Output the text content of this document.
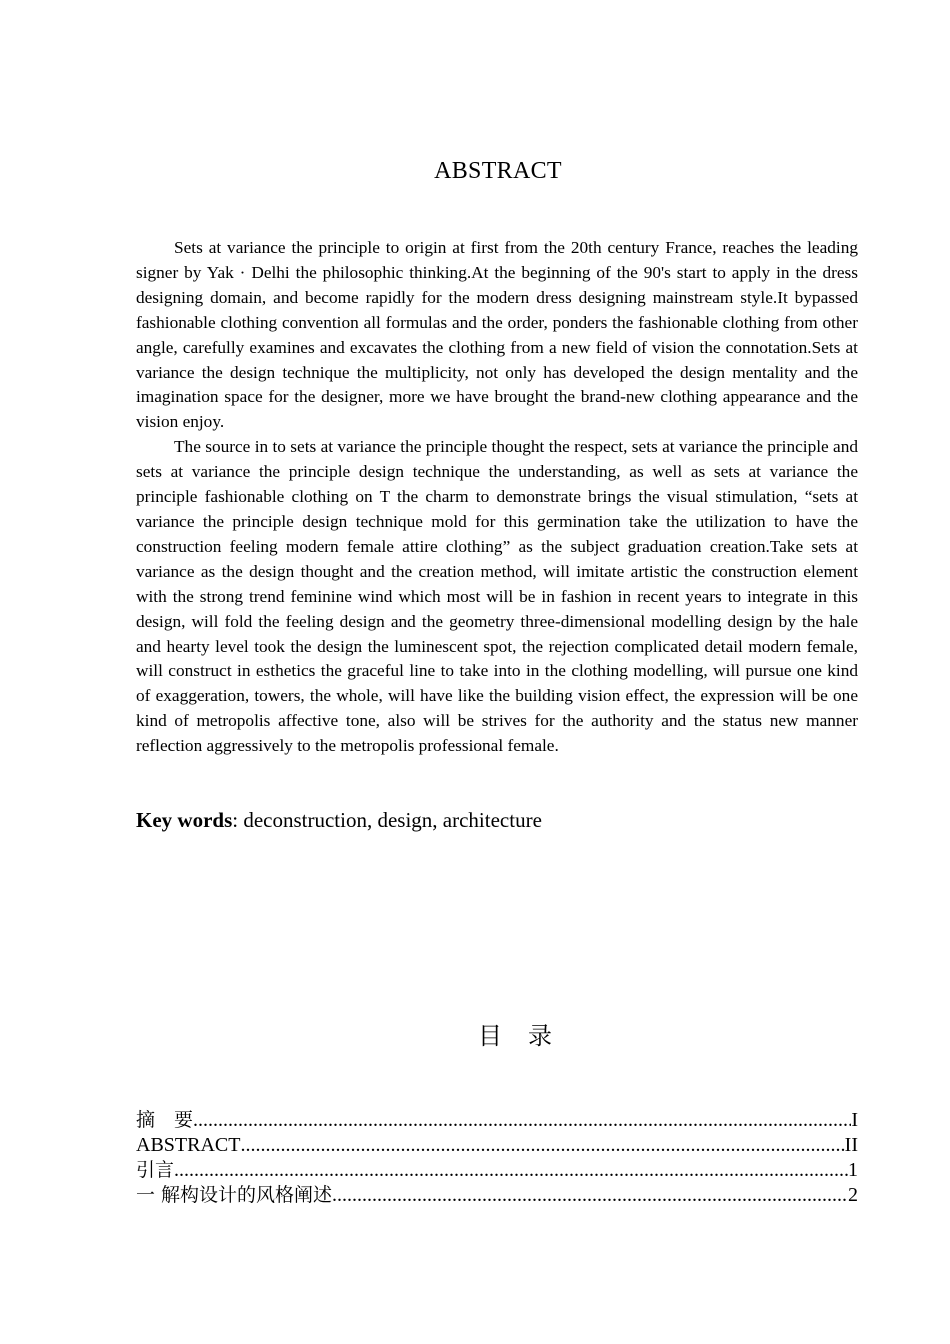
ABSTRACT

Sets at variance the principle to origin at first from the 20th century France, reaches the leading signer by Yak · Delhi the philosophic thinking.At the beginning of the 90's start to apply in the dress designing domain, and become rapidly for the modern dress designing mainstream style.It bypassed fashionable clothing convention all formulas and the order, ponders the fashionable clothing from other angle, carefully examines and excavates the clothing from a new field of vision the connotation.Sets at variance the design technique the multiplicity, not only has developed the design mentality and the imagination space for the designer, more we have brought the brand-new clothing appearance and the vision enjoy.

The source in to sets at variance the principle thought the respect, sets at variance the principle and sets at variance the principle design technique the understanding, as well as sets at variance the principle fashionable clothing on T the charm to demonstrate brings the visual stimulation, “sets at variance the principle design technique mold for this germination take the utilization to have the construction feeling modern female attire clothing” as the subject graduation creation.Take sets at variance as the design thought and the creation method, will imitate artistic the construction element with the strong trend feminine wind which most will be in fashion in recent years to integrate in this design, will fold the feeling design and the geometry three-dimensional modelling design by the hale and hearty level took the design the luminescent spot, the rejection complicated detail modern female, will construct in esthetics the graceful line to take into in the clothing modelling, will pursue one kind of exaggeration, towers, the whole, will have like the building vision effect, the expression will be one kind of metropolis affective tone, also will be strives for the authority and the status new manner reflection aggressively to the metropolis professional female.

Key words: deconstruction, design, architecture
目 录
摘　要 .....	I
ABSTRACT .....	II
引言 .....	1
一 解构设计的风格阐述 .....	2
